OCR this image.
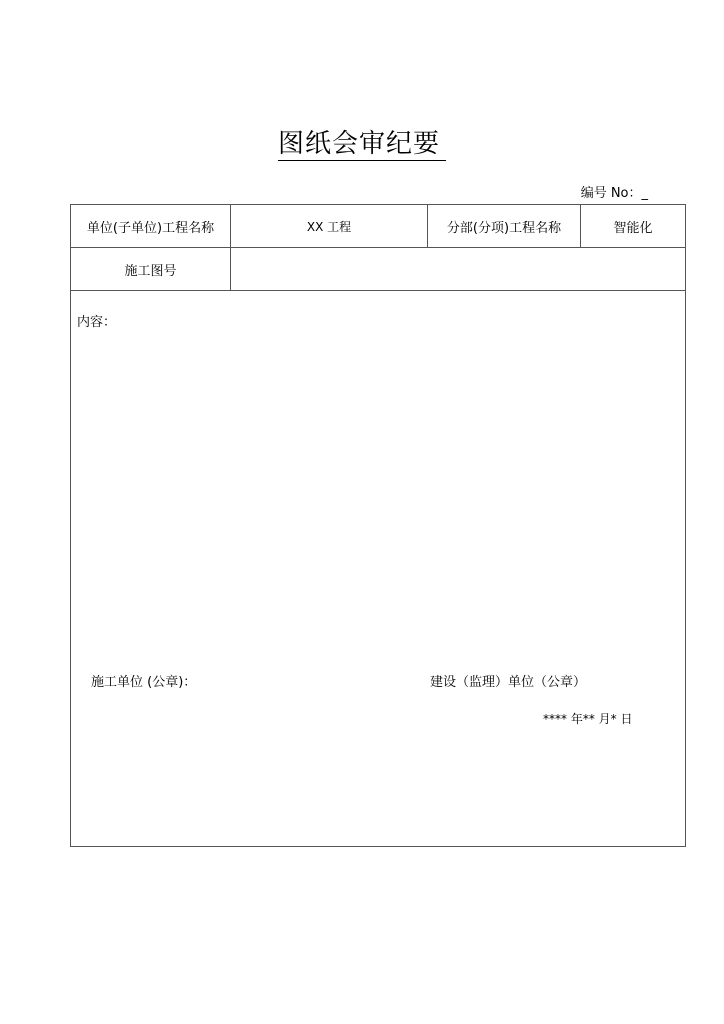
图纸会审纪要
编号 No：_
单位(子单位)工程名称	XX 工程	分部(分项)工程名称	智能化
施工图号
内容：
施工单位 (公章)：	建设（监理）单位（公章）
**** 年** 月* 日
